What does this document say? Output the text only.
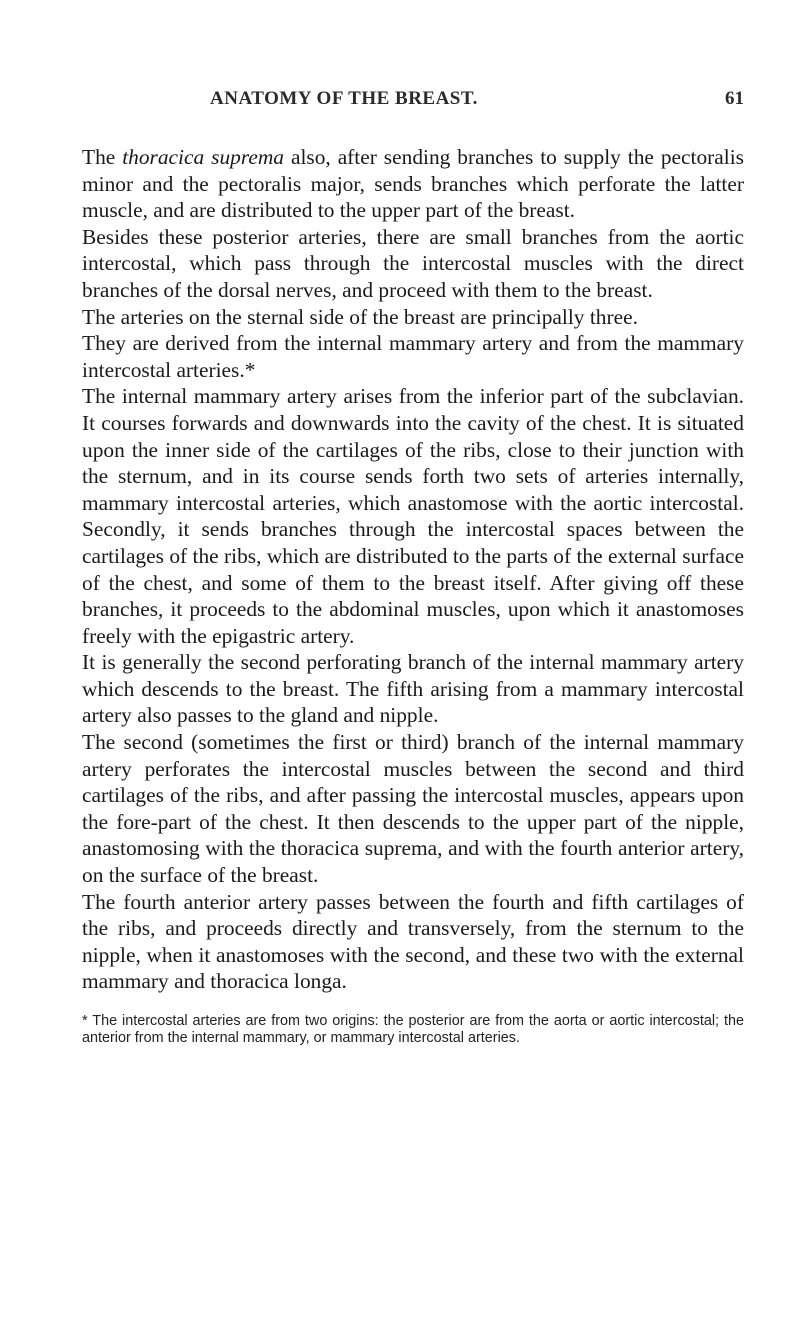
ANATOMY OF THE BREAST.	61

The thoracica suprema also, after sending branches to supply the pectoralis minor and the pectoralis major, sends branches which perforate the latter muscle, and are distributed to the upper part of the breast.

Besides these posterior arteries, there are small branches from the aortic intercostal, which pass through the intercostal muscles with the direct branches of the dorsal nerves, and proceed with them to the breast.

The arteries on the sternal side of the breast are principally three.

They are derived from the internal mammary artery and from the mammary intercostal arteries.*

The internal mammary artery arises from the inferior part of the subclavian. It courses forwards and downwards into the cavity of the chest. It is situated upon the inner side of the cartilages of the ribs, close to their junction with the sternum, and in its course sends forth two sets of arteries internally, mammary intercostal arteries, which anastomose with the aortic intercostal. Secondly, it sends branches through the intercostal spaces between the cartilages of the ribs, which are distributed to the parts of the external surface of the chest, and some of them to the breast itself. After giving off these branches, it proceeds to the abdominal muscles, upon which it anastomoses freely with the epigastric artery.

It is generally the second perforating branch of the internal mammary artery which descends to the breast. The fifth arising from a mammary intercostal artery also passes to the gland and nipple.

The second (sometimes the first or third) branch of the internal mammary artery perforates the intercostal muscles between the second and third cartilages of the ribs, and after passing the intercostal muscles, appears upon the fore-part of the chest. It then descends to the upper part of the nipple, anastomosing with the thoracica suprema, and with the fourth anterior artery, on the surface of the breast.

The fourth anterior artery passes between the fourth and fifth cartilages of the ribs, and proceeds directly and transversely, from the sternum to the nipple, when it anastomoses with the second, and these two with the external mammary and thoracica longa.

* The intercostal arteries are from two origins: the posterior are from the aorta or aortic intercostal; the anterior from the internal mammary, or mammary intercostal arteries.
